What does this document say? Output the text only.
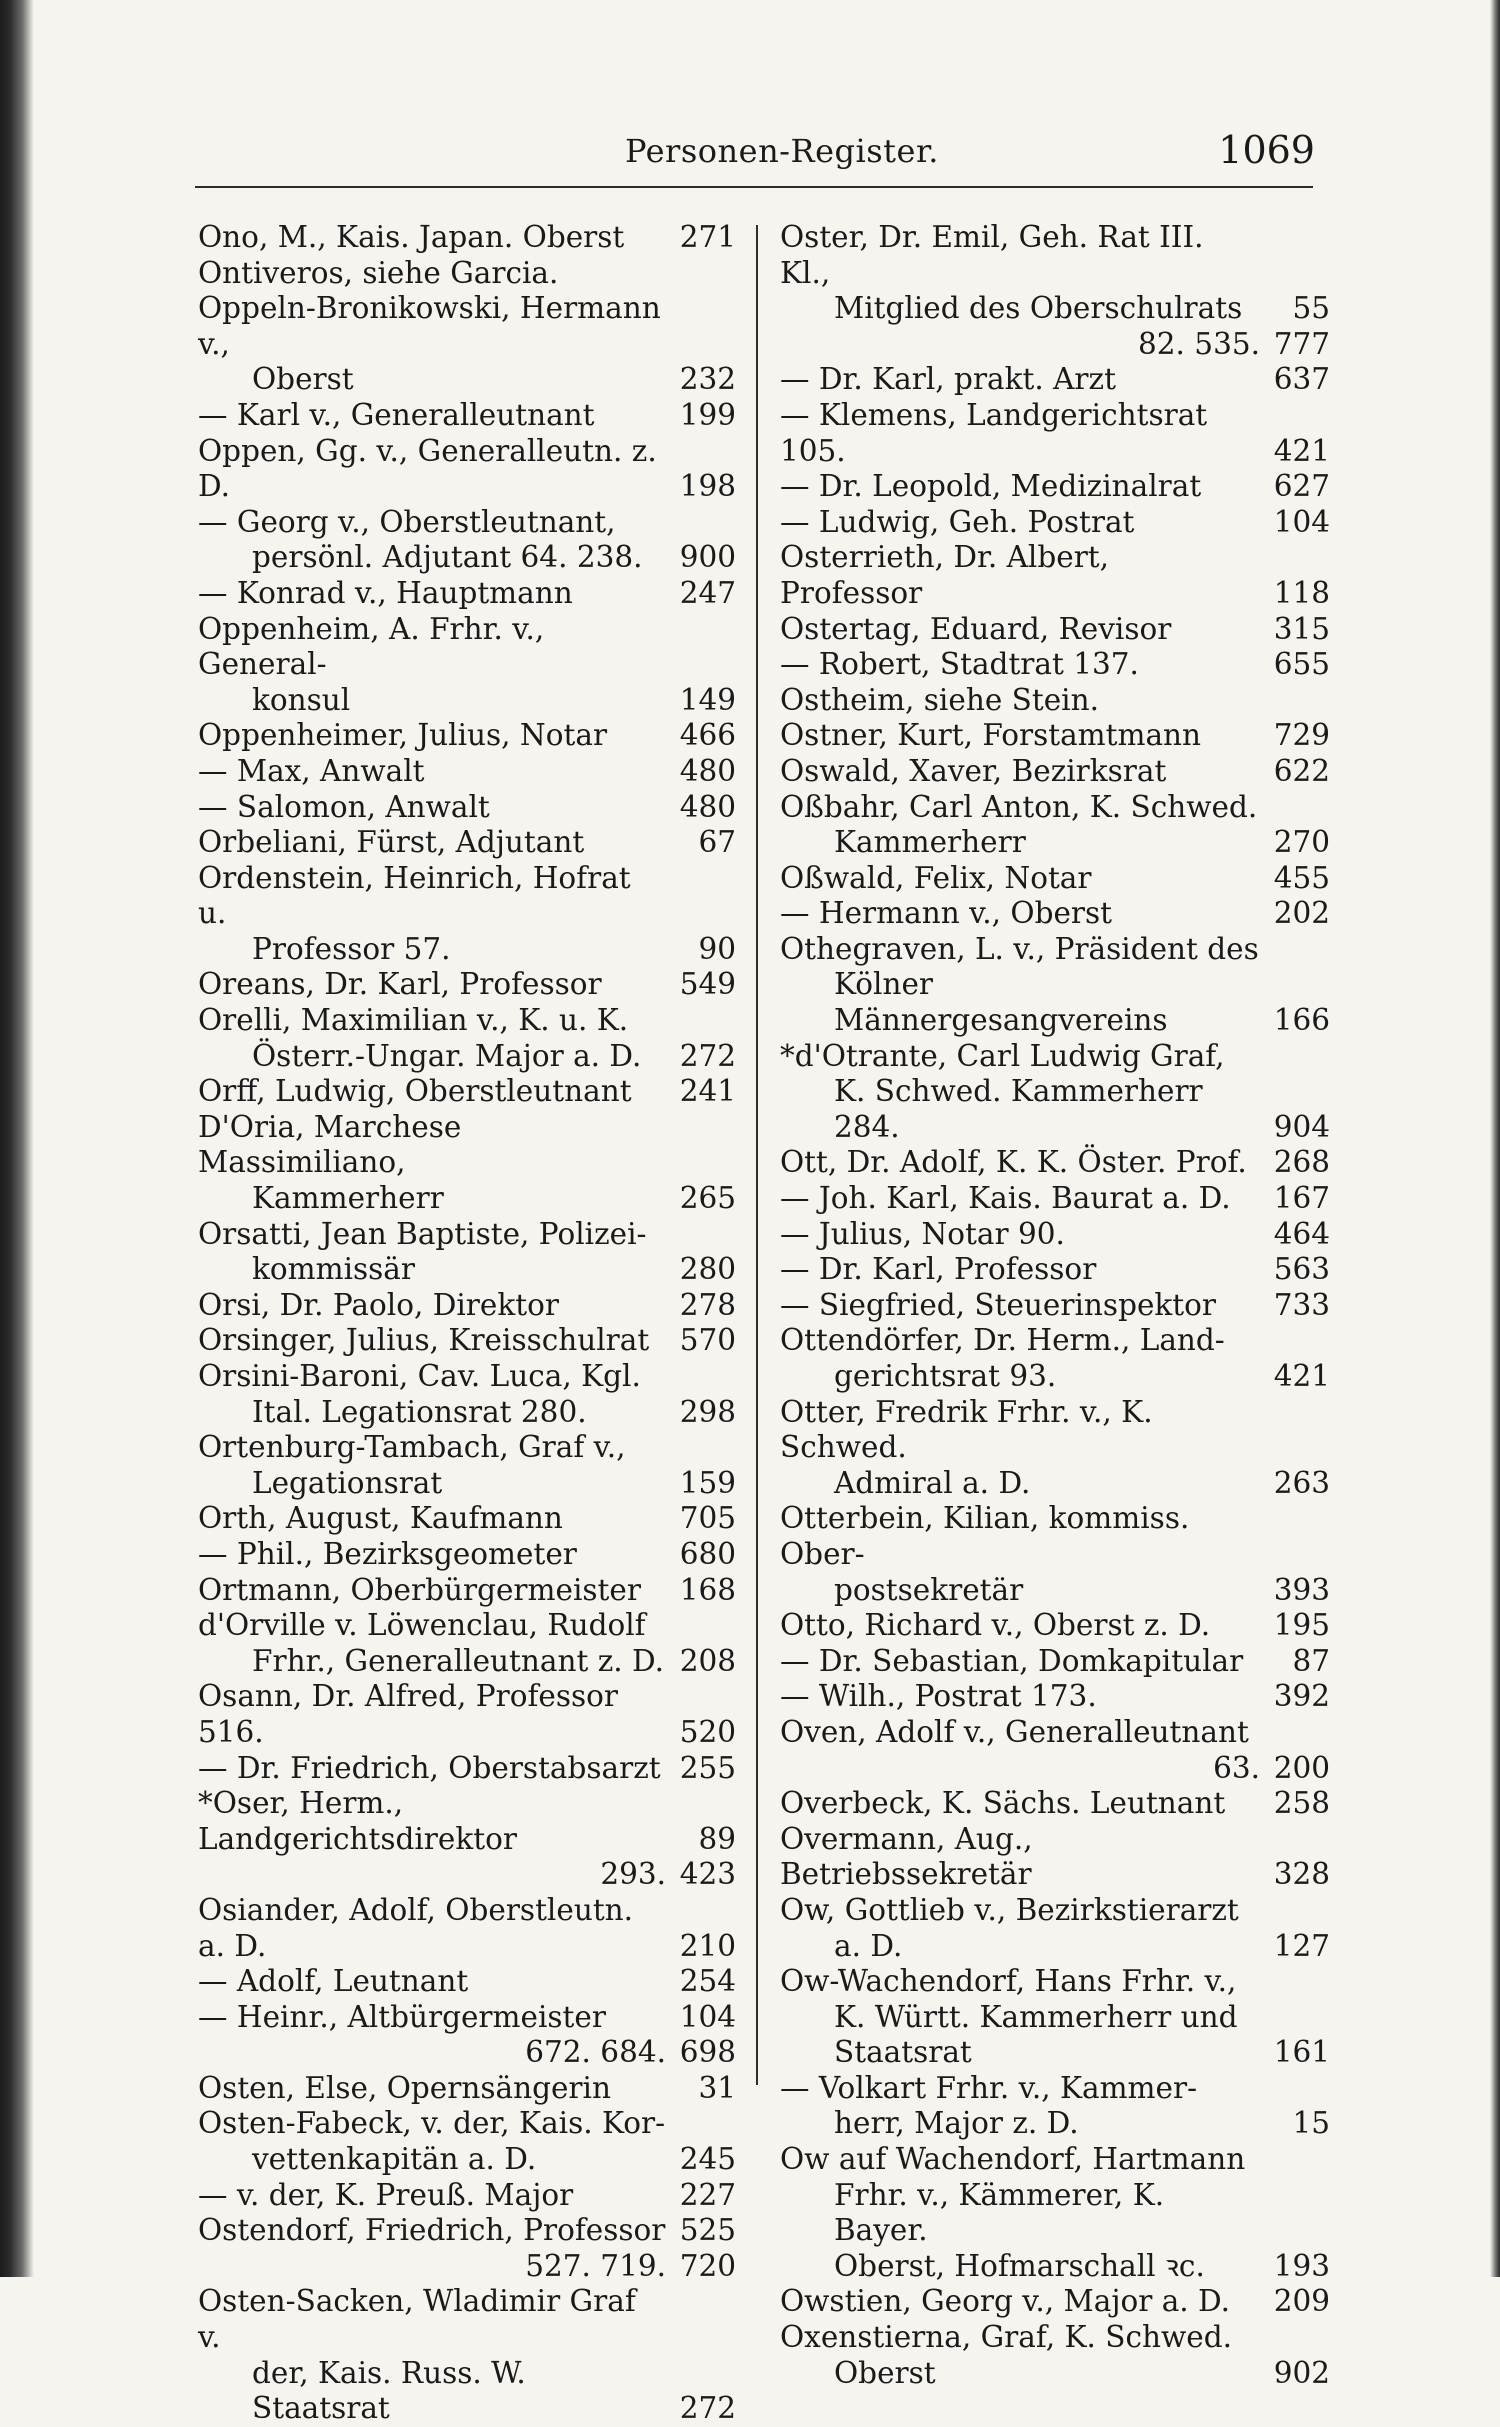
Personen-Register.	1069
Ono, M., Kais. Japan. Oberst	271
Ontiveros, siehe Garcia.
Oppeln-Bronikowski, Hermann v.,
Oberst	232
— Karl v., Generalleutnant	199
Oppen, Gg. v., Generalleutn. z. D.	198
— Georg v., Oberstleutnant,
persönl. Adjutant 64. 238.	900
— Konrad v., Hauptmann	247
Oppenheim, A. Frhr. v., General-
konsul	149
Oppenheimer, Julius, Notar	466
— Max, Anwalt	480
— Salomon, Anwalt	480
Orbeliani, Fürst, Adjutant	67
Ordenstein, Heinrich, Hofrat u.
Professor 57.	90
Oreans, Dr. Karl, Professor	549
Orelli, Maximilian v., K. u. K.
Österr.-Ungar. Major a. D.	272
Orff, Ludwig, Oberstleutnant	241
D'Oria, Marchese Massimiliano,
Kammerherr	265
Orsatti, Jean Baptiste, Polizei-
kommissär	280
Orsi, Dr. Paolo, Direktor	278
Orsinger, Julius, Kreisschulrat	570
Orsini-Baroni, Cav. Luca, Kgl.
Ital. Legationsrat 280.	298
Ortenburg-Tambach, Graf v.,
Legationsrat	159
Orth, August, Kaufmann	705
— Phil., Bezirksgeometer	680
Ortmann, Oberbürgermeister	168
d'Orville v. Löwenclau, Rudolf
Frhr., Generalleutnant z. D. 208
Osann, Dr. Alfred, Professor 516.	520
— Dr. Friedrich, Oberstabsarzt 255
*Oser, Herm., Landgerichtsdirektor	89
293. 423
Osiander, Adolf, Oberstleutn. a. D.	210
— Adolf, Leutnant	254
— Heinr., Altbürgermeister	104
672. 684. 698
Osten, Else, Opernsängerin	31
Osten-Fabeck, v. der, Kais. Kor-
vettenkapitän a. D.	245
— v. der, K. Preuß. Major	227
Ostendorf, Friedrich, Professor 525
527. 719. 720
Osten-Sacken, Wladimir Graf v.
der, Kais. Russ. W. Staatsrat	272
Oster, Dr. Emil, Geh. Rat III. Kl.,
Mitglied des Oberschulrats	55
82. 535. 777
— Dr. Karl, prakt. Arzt	637
— Klemens, Landgerichtsrat 105.	421
— Dr. Leopold, Medizinalrat	627
— Ludwig, Geh. Postrat	104
Osterrieth, Dr. Albert, Professor	118
Ostertag, Eduard, Revisor	315
— Robert, Stadtrat 137.	655
Ostheim, siehe Stein.
Ostner, Kurt, Forstamtmann	729
Oswald, Xaver, Bezirksrat	622
Oßbahr, Carl Anton, K. Schwed.
Kammerherr	270
Oßwald, Felix, Notar	455
— Hermann v., Oberst	202
Othegraven, L. v., Präsident des
Kölner Männergesangvereins	166
*d'Otrante, Carl Ludwig Graf,
K. Schwed. Kammerherr 284.	904
Ott, Dr. Adolf, K. K. Öster. Prof. 268
— Joh. Karl, Kais. Baurat a. D.	167
— Julius, Notar 90.	464
— Dr. Karl, Professor	563
— Siegfried, Steuerinspektor	733
Ottendörfer, Dr. Herm., Land-
gerichtsrat 93.	421
Otter, Fredrik Frhr. v., K. Schwed.
Admiral a. D.	263
Otterbein, Kilian, kommiss. Ober-
postsekretär	393
Otto, Richard v., Oberst z. D.	195
— Dr. Sebastian, Domkapitular	87
— Wilh., Postrat 173.	392
Oven, Adolf v., Generalleutnant
63. 200
Overbeck, K. Sächs. Leutnant	258
Overmann, Aug., Betriebssekretär	328
Ow, Gottlieb v., Bezirkstierarzt
a. D.	127
Ow-Wachendorf, Hans Frhr. v.,
K. Württ. Kammerherr und
Staatsrat	161
— Volkart Frhr. v., Kammer-
herr, Major z. D.	15
Ow auf Wachendorf, Hartmann
Frhr. v., Kämmerer, K. Bayer.
Oberst, Hofmarschall ꝛc.	193
Owstien, Georg v., Major a. D.	209
Oxenstierna, Graf, K. Schwed.
Oberst	902
